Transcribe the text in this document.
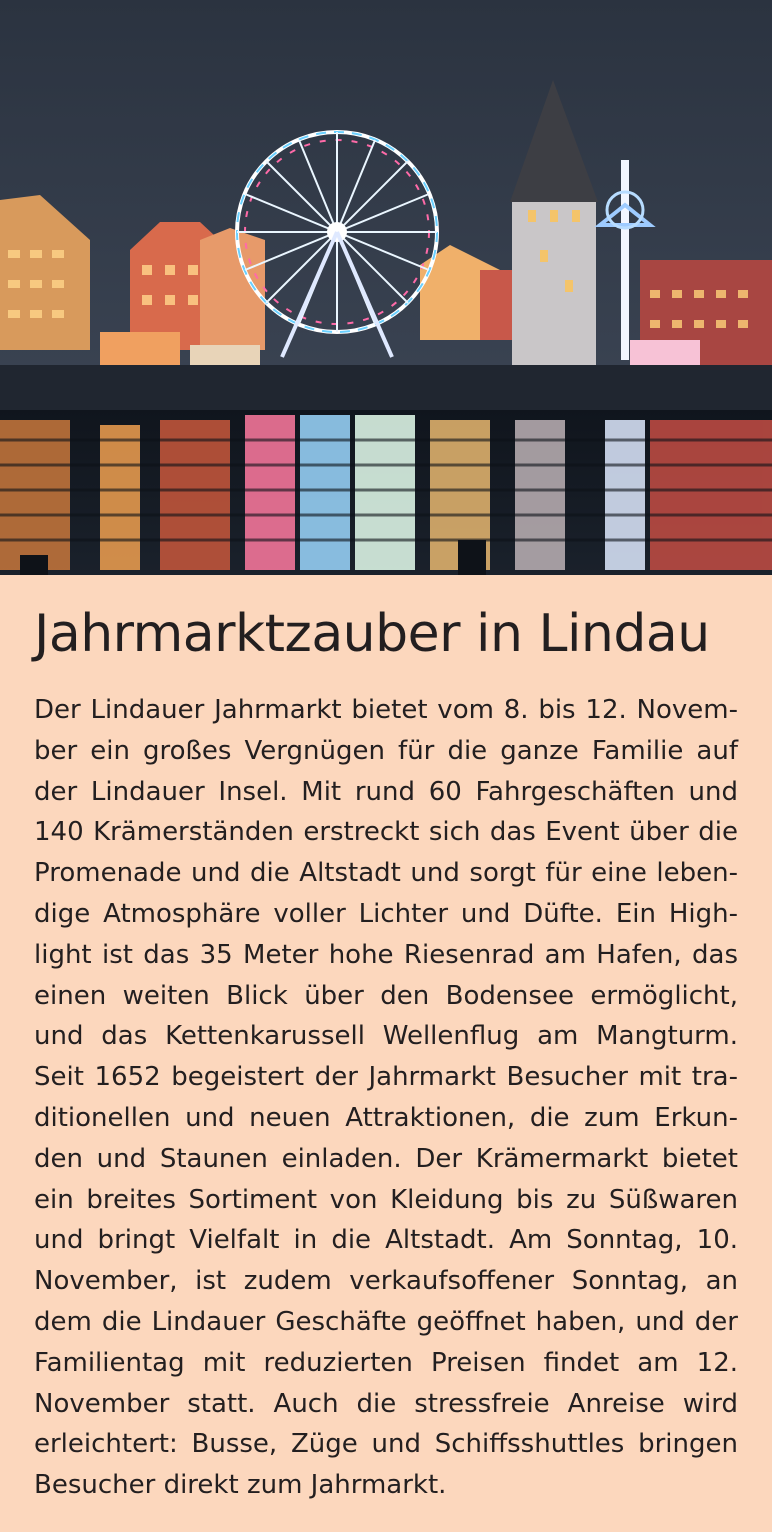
Jahrmarktzauber in Lindau
Der Lindauer Jahrmarkt bietet vom 8. bis 12. Novem-
ber ein großes Vergnügen für die ganze Familie auf
der Lindauer Insel. Mit rund 60 Fahrgeschäften und
140 Krämerständen erstreckt sich das Event über die
Promenade und die Altstadt und sorgt für eine leben-
dige Atmosphäre voller Lichter und Düfte. Ein High-
light ist das 35 Meter hohe Riesenrad am Hafen, das
einen weiten Blick über den Bodensee ermöglicht,
und das Kettenkarussell Wellenflug am Mangturm.
Seit 1652 begeistert der Jahrmarkt Besucher mit tra-
ditionellen und neuen Attraktionen, die zum Erkun-
den und Staunen einladen. Der Krämermarkt bietet
ein breites Sortiment von Kleidung bis zu Süßwaren
und bringt Vielfalt in die Altstadt. Am Sonntag, 10.
November, ist zudem verkaufsoffener Sonntag, an
dem die Lindauer Geschäfte geöffnet haben, und der
Familientag mit reduzierten Preisen findet am 12.
November statt. Auch die stressfreie Anreise wird
erleichtert: Busse, Züge und Schiffsshuttles bringen
Besucher direkt zum Jahrmarkt.
